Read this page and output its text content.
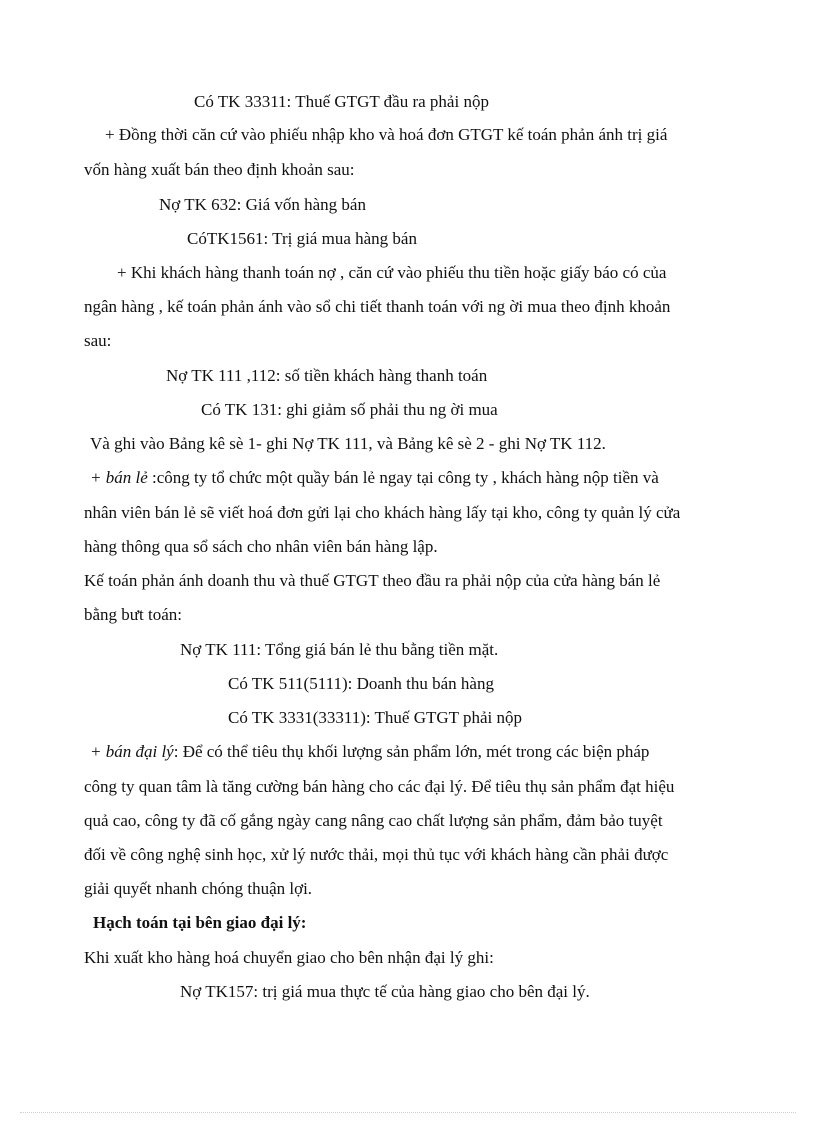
Có TK 33311: Thuế GTGT đầu ra phải nộp
+ Đồng thời căn cứ vào phiếu nhập kho và hoá đơn GTGT kế toán phản ánh trị giá
vốn hàng xuất bán theo định khoản sau:
Nợ TK 632: Giá vốn hàng bán
CóTK1561: Trị giá mua hàng bán
+ Khi khách hàng thanh toán nợ , căn cứ vào phiếu thu tiền hoặc giấy báo có của
ngân hàng , kế toán phản ánh vào sổ chi tiết thanh toán với ng ời mua theo định khoản
sau:
Nợ TK 111 ,112: số tiền khách hàng thanh toán
Có TK 131: ghi giảm số phải thu ng ời mua
Và ghi vào Bảng kê sè 1- ghi Nợ TK 111, và Bảng kê sè 2 - ghi Nợ TK 112.
+ bán lẻ :công ty tổ chức một quầy bán lẻ ngay tại công ty , khách hàng nộp tiền và
nhân viên bán lẻ sẽ viết hoá đơn gửi lại cho khách hàng lấy tại kho, công ty quản lý cửa
hàng thông qua sổ sách cho nhân viên bán hàng lập.
Kế toán phản ánh doanh thu và thuế GTGT theo đầu ra phải nộp của cửa hàng bán lẻ
bằng bưt toán:
Nợ TK 111: Tổng giá bán lẻ thu bằng tiền mặt.
Có TK 511(5111): Doanh thu bán hàng
Có TK 3331(33311): Thuế GTGT phải nộp
+ bán đại lý: Để có thể tiêu thụ khối lượng sản phẩm lớn, mét trong các biện pháp
công ty quan tâm là tăng cường bán hàng cho các đại lý. Để tiêu thụ sản phẩm đạt hiệu
quả cao, công ty đã cố gắng ngày cang nâng cao chất lượng sản phẩm, đảm bảo tuyệt
đối về công nghệ sinh học, xử lý nước thải, mọi thủ tục với khách hàng cần phải được
giải quyết nhanh chóng thuận lợi.
Hạch toán tại bên giao đại lý:
Khi xuất kho hàng hoá chuyển giao cho bên nhận đại lý ghi:
Nợ TK157: trị giá mua thực tế của hàng giao cho bên đại lý.
